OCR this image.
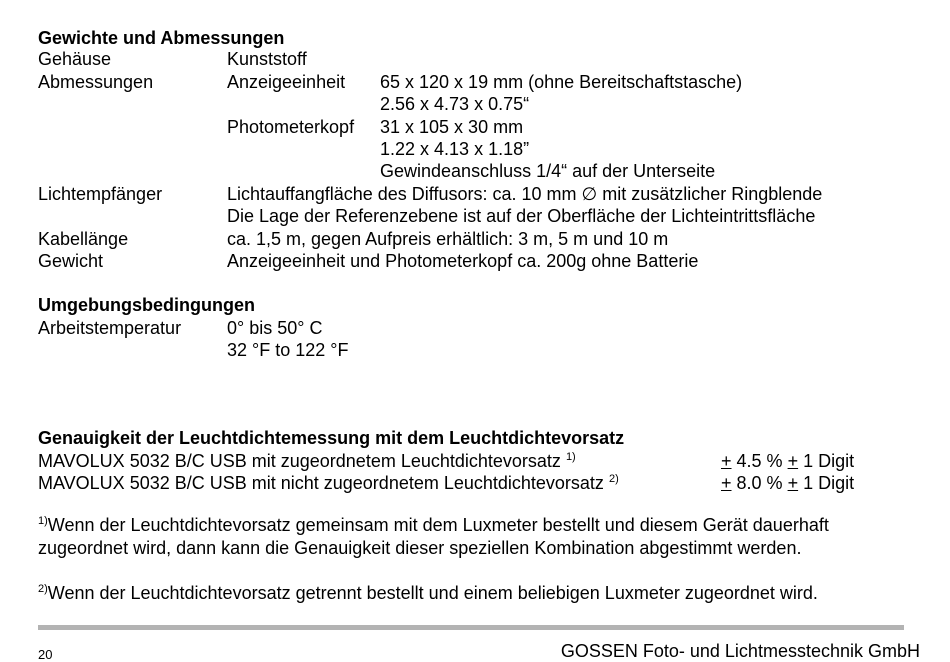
Gewichte und Abmessungen
Gehäuse	Kunststoff
Abmessungen	Anzeigeeinheit 65 x 120 x 19 mm (ohne Bereitschaftstasche)
2.56 x 4.73 x 0.75“
Photometerkopf 31 x 105 x 30 mm
1.22 x 4.13 x 1.18”
Gewindeanschluss 1/4“ auf der Unterseite
Lichtempfänger	Lichtauffangfläche des Diffusors: ca. 10 mm ∅ mit zusätzlicher Ringblende
Die Lage der Referenzebene ist auf der Oberfläche der Lichteintrittsfläche
Kabellänge	ca. 1,5 m, gegen Aufpreis erhältlich: 3 m, 5 m und 10 m
Gewicht	Anzeigeeinheit und Photometerkopf ca. 200g ohne Batterie
Umgebungsbedingungen
Arbeitstemperatur	0° bis 50° C
32 °F to 122 °F
Genauigkeit der Leuchtdichtemessung mit dem Leuchtdichtevorsatz
MAVOLUX 5032 B/C USB mit zugeordnetem Leuchtdichtevorsatz $^{1)}$	+ 4.5 % + 1 Digit
MAVOLUX 5032 B/C USB mit nicht zugeordnetem Leuchtdichtevorsatz $^{2)}$	+ 8.0 % + 1 Digit
$^{1)}$Wenn der Leuchtdichtevorsatz gemeinsam mit dem Luxmeter bestellt und diesem Gerät dauerhaft zugeordnet wird, dann kann die Genauigkeit dieser speziellen Kombination abgestimmt werden.
$^{2)}$Wenn der Leuchtdichtevorsatz getrennt bestellt und einem beliebigen Luxmeter zugeordnet wird.
20	GOSSEN Foto- und Lichtmesstechnik GmbH
